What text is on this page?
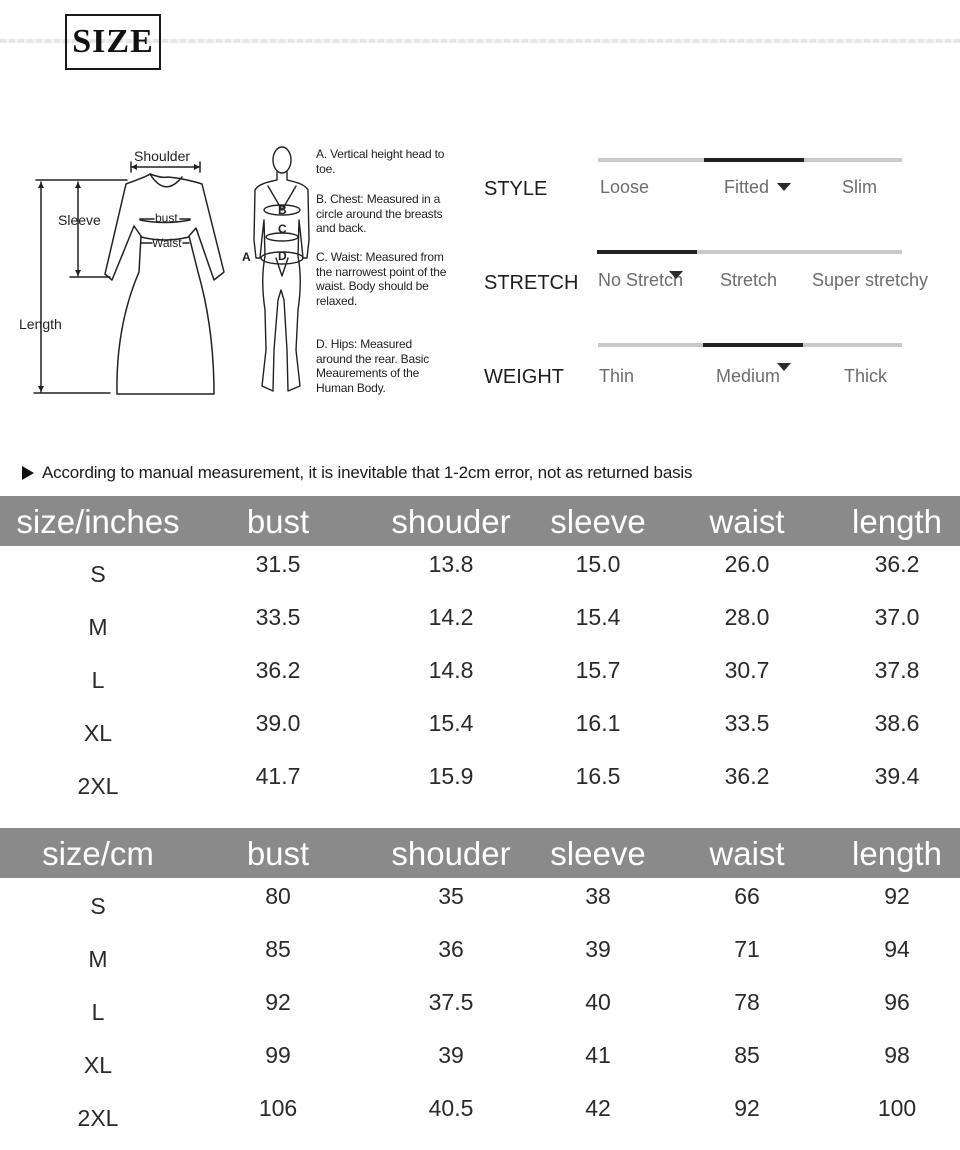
SIZE
Shoulder
Sleeve
Length
bust
Waist
A
B
C
D
A. Vertical height head to toe.
B. Chest: Measured in a circle around the breasts and back.
C. Waist: Measured from the narrowest point of the waist. Body should be relaxed.
D. Hips: Measured around the rear. Basic Meaurements of the Human Body.
STYLE	Loose	Fitted	Slim
STRETCH No Stretch Stretch Super stretchy
WEIGHT Thin	Medium	Thick
According to manual measurement, it is inevitable that 1-2cm error, not as returned basis
size/inches bust shouder sleeve waist length
S	31.5	13.8	15.0	26.0	36.2
M	33.5	14.2	15.4	28.0	37.0
L	36.2	14.8	15.7	30.7	37.8
XL	39.0	15.4	16.1	33.5	38.6
2XL	41.7	15.9	16.5	36.2	39.4
size/cm	bust shouder sleeve waist length
S	80	35	38	66	92
M	85	36	39	71	94
L	92	37.5	40	78	96
XL	99	39	41	85	98
2XL	106	40.5	42	92	100
